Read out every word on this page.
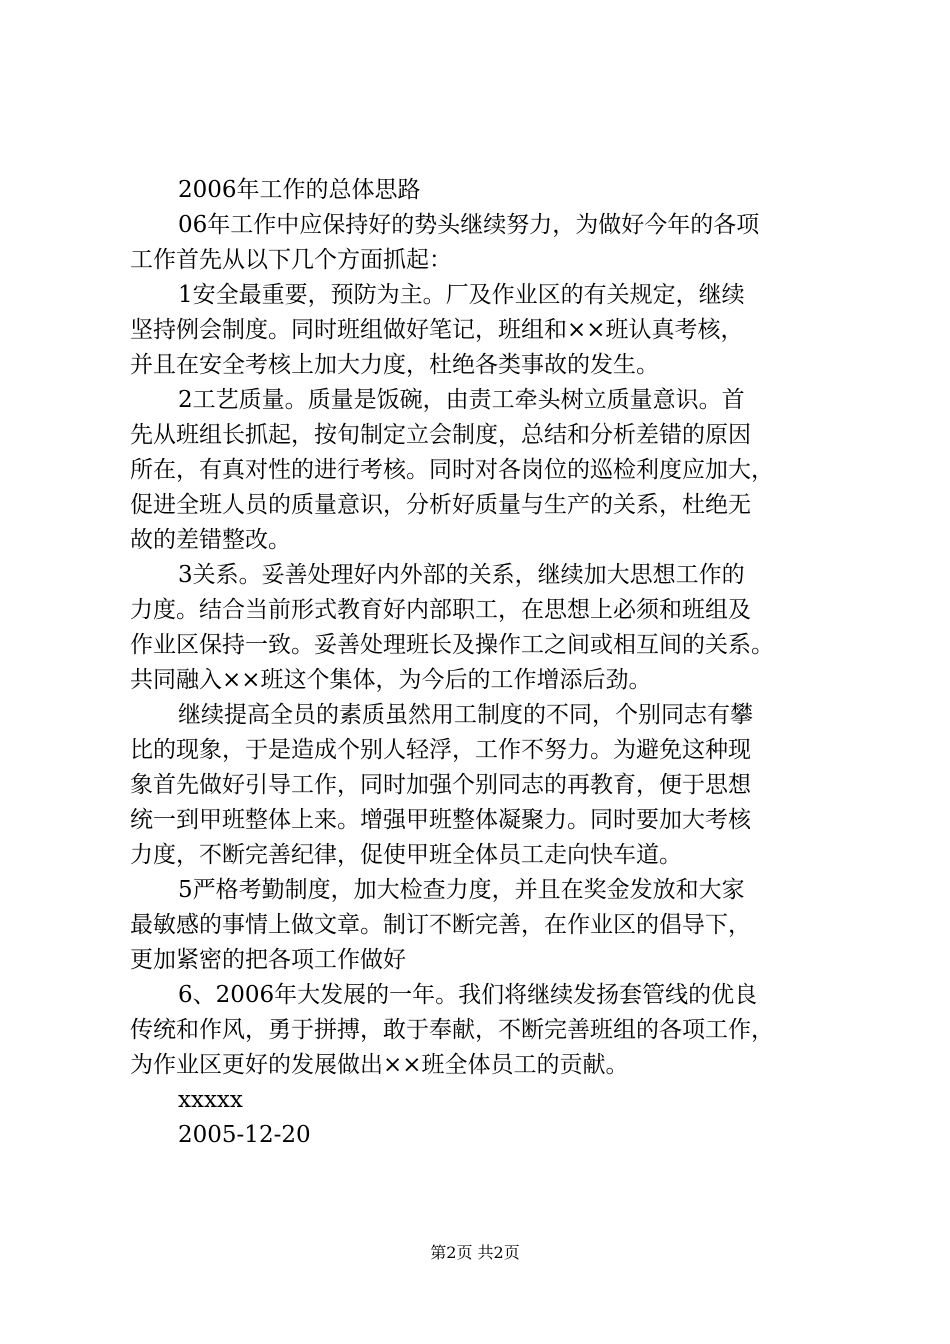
2006年工作的总体思路
06年工作中应保持好的势头继续努力，为做好今年的各项
工作首先从以下几个方面抓起：
1安全最重要，预防为主。厂及作业区的有关规定，继续
坚持例会制度。同时班组做好笔记，班组和××班认真考核，
并且在安全考核上加大力度，杜绝各类事故的发生。
2工艺质量。质量是饭碗，由责工牵头树立质量意识。首
先从班组长抓起，按旬制定立会制度，总结和分析差错的原因
所在，有真对性的进行考核。同时对各岗位的巡检利度应加大，
促进全班人员的质量意识，分析好质量与生产的关系，杜绝无
故的差错整改。
3关系。妥善处理好内外部的关系，继续加大思想工作的
力度。结合当前形式教育好内部职工，在思想上必须和班组及
作业区保持一致。妥善处理班长及操作工之间或相互间的关系。
共同融入××班这个集体，为今后的工作增添后劲。
继续提高全员的素质虽然用工制度的不同，个别同志有攀
比的现象，于是造成个别人轻浮，工作不努力。为避免这种现
象首先做好引导工作，同时加强个别同志的再教育，便于思想
统一到甲班整体上来。增强甲班整体凝聚力。同时要加大考核
力度，不断完善纪律，促使甲班全体员工走向快车道。
5严格考勤制度，加大检查力度，并且在奖金发放和大家
最敏感的事情上做文章。制订不断完善，在作业区的倡导下，
更加紧密的把各项工作做好
6、2006年大发展的一年。我们将继续发扬套管线的优良
传统和作风，勇于拼搏，敢于奉献，不断完善班组的各项工作，
为作业区更好的发展做出××班全体员工的贡献。
xxxxx
2005-12-20
第2页 共2页
